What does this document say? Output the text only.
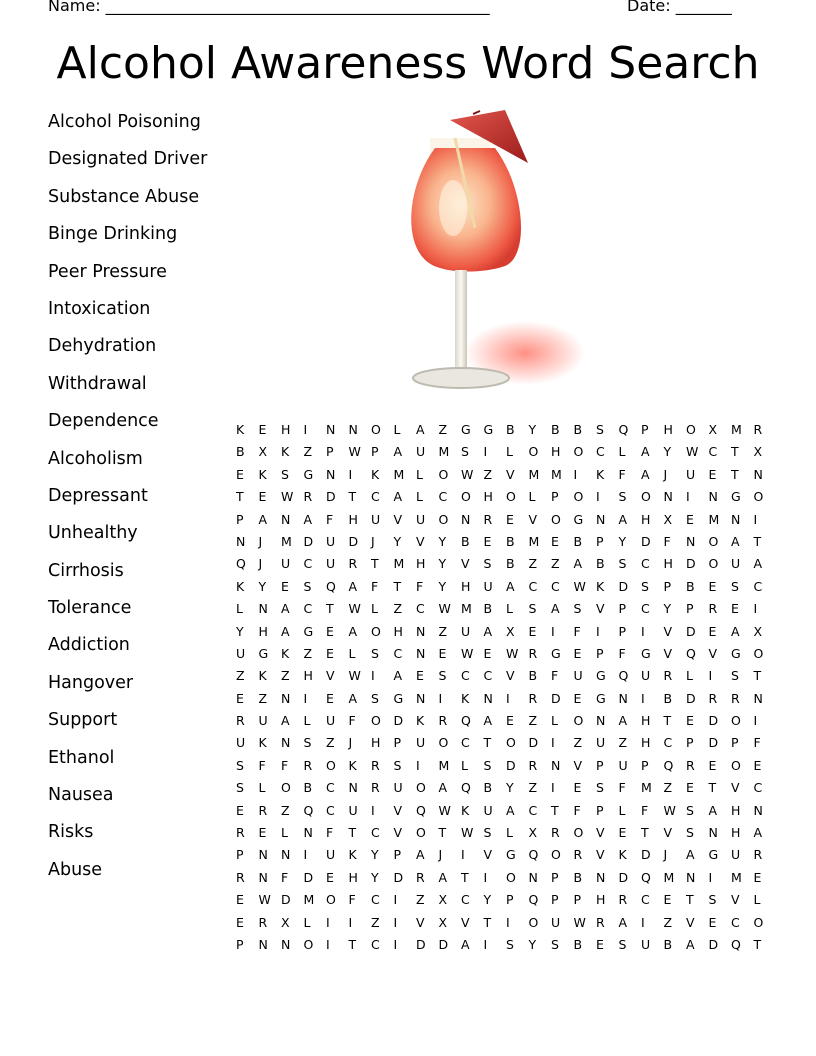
Name: ________________________________________________	Date: _______
Alcohol Awareness Word Search
Alcohol Poisoning
Designated Driver
Substance Abuse
Binge Drinking
Peer Pressure
Intoxication
Dehydration
Withdrawal
Dependence
Alcoholism
Depressant
Unhealthy
Cirrhosis
Tolerance
Addiction
Hangover
Support
Ethanol
Nausea
Risks
Abuse
K	E	H	I	N	N	O	L	A	Z	G	G	B	Y	B	B	S	Q	P	H	O	X	M R
B	X	K	Z	P	W P	A	U	M S	I	L	O	H	O	C	L	A	Y	W C	T	X
E	K	S	G	N	I	K	M L	O	W Z	V	M M I	K	F	A	J	U	E	T	N
T	E	W R	D	T	C	A	L	C	O	H	O	L	P	O	I	S	O	N	I	N	G	O
P	A	N	A	F	H	U	V	U	O	N	R	E	V	O	G	N	A	H	X	E	M N	I
N	J	M D	U	D	J	Y	V	Y	B	E	B	M E	B	P	Y	D	F	N	O	A	T
Q	J	U	C	U	R	T	M H	Y	V	S	B	Z	Z	A	B	S	C	H	D	O	U	A
K	Y	E	S	Q	A	F	T	F	Y	H	U	A	C	C	W K	D	S	P	B	E	S	C
L	N	A	C	T	W L	Z	C	W M B	L	S	A	S	V	P	C	Y	P	R	E	I
Y	H	A	G	E	A	O	H	N	Z	U	A	X	E	I	F	I	P	I	V	D	E	A	X
U	G	K	Z	E	L	S	C	N	E	W E	W R	G	E	P	F	G	V	Q	V	G	O
Z	K	Z	H	V	W I	A	E	S	C	C	V	B	F	U	G	Q	U	R	L	I	S	T
E	Z	N	I	E	A	S	G	N	I	K	N	I	R	D	E	G	N	I	B	D	R	R	N
R	U	A	L	U	F	O	D	K	R	Q	A	E	Z	L	O	N	A	H	T	E	D	O	I
U	K	N	S	Z	J	H	P	U	O	C	T	O	D	I	Z	U	Z	H	C	P	D	P	F
S	F	F	R	O	K	R	S	I	M L	S	D	R	N	V	P	U	P	Q	R	E	O	E
S	L	O	B	C	N	R	U	O	A	Q	B	Y	Z	I	E	S	F	M Z	E	T	V	C
E	R	Z	Q	C	U	I	V	Q	W K	U	A	C	T	F	P	L	F	W S	A	H	N
R	E	L	N	F	T	C	V	O	T	W S	L	X	R	O	V	E	T	V	S	N	H	A
P	N	N	I	U	K	Y	P	A	J	I	V	G	Q	O	R	V	K	D	J	A	G	U	R
R	N	F	D	E	H	Y	D	R	A	T	I	O	N	P	B	N	D	Q	M N	I	M E
E	W D	M O	F	C	I	Z	X	C	Y	P	Q	P	P	H	R	C	E	T	S	V	L
E	R	X	L	I	I	Z	I	V	X	V	T	I	O	U	W R	A	I	Z	V	E	C	O
P	N	N	O	I	T	C	I	D	D	A	I	S	Y	S	B	E	S	U	B	A	D	Q	T
